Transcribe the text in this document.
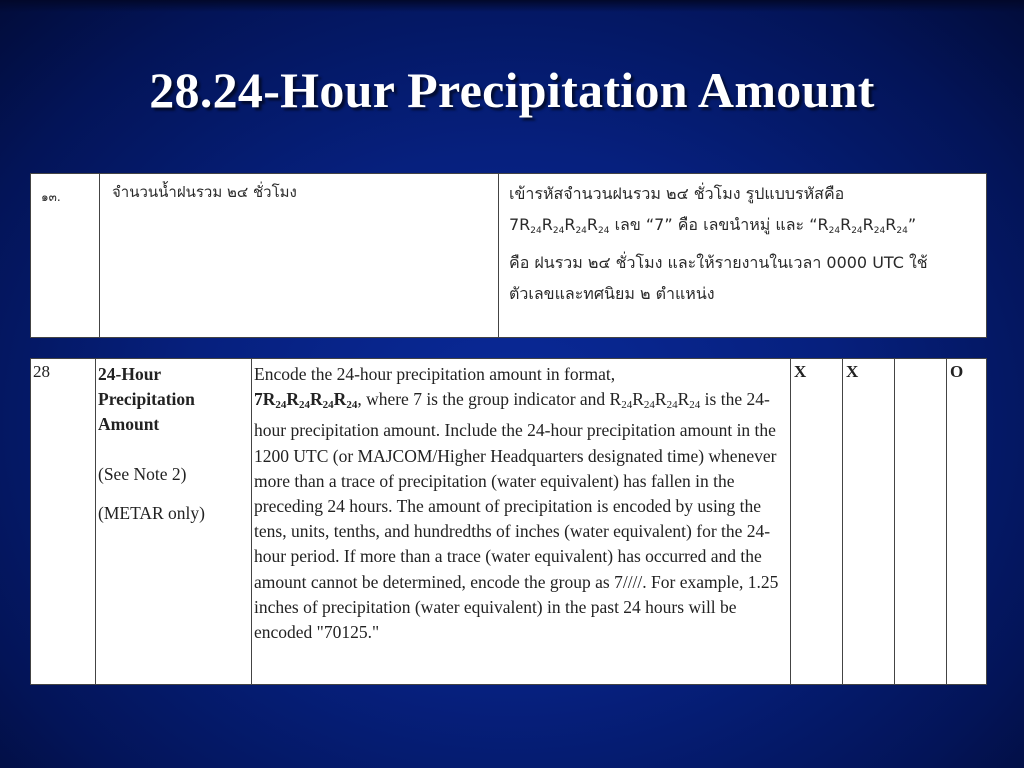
28.24-Hour Precipitation Amount
๑๓.	จำนวนน้ำฝนรวม ๒๔ ชั่วโมง	เข้ารหัสจำนวนฝนรวม ๒๔ ชั่วโมง รูปแบบรหัสคือ
$7R_{24}R_{24}R_{24}R_{24}$ เลข “7” คือ เลขนำหมู่ และ “$R_{24}R_{24}R_{24}R_{24}$”
คือ ฝนรวม ๒๔ ชั่วโมง และให้รายงานในเวลา 0000 UTC ใช้
ตัวเลขและทศนิยม ๒ ตำแหน่ง
28	24-Hour Precipitation Amount
(See Note 2)
(METAR only)
	Encode the 24-hour precipitation amount in format,
7R24R24R24R24, where 7 is the group indicator and R24R24R24R24 is the 24-hour precipitation amount. Include the 24-hour precipitation amount in the 1200 UTC (or MAJCOM/Higher Headquarters designated time) whenever more than a trace of precipitation (water equivalent) has fallen in the preceding 24 hours. The amount of precipitation is encoded by using the tens, units, tenths, and hundredths of inches (water equivalent) for the 24-hour period. If more than a trace (water equivalent) has occurred and the amount cannot be determined, encode the group as 7////. For example, 1.25 inches of precipitation (water equivalent) in the past 24 hours will be encoded "70125."	X	X		O
